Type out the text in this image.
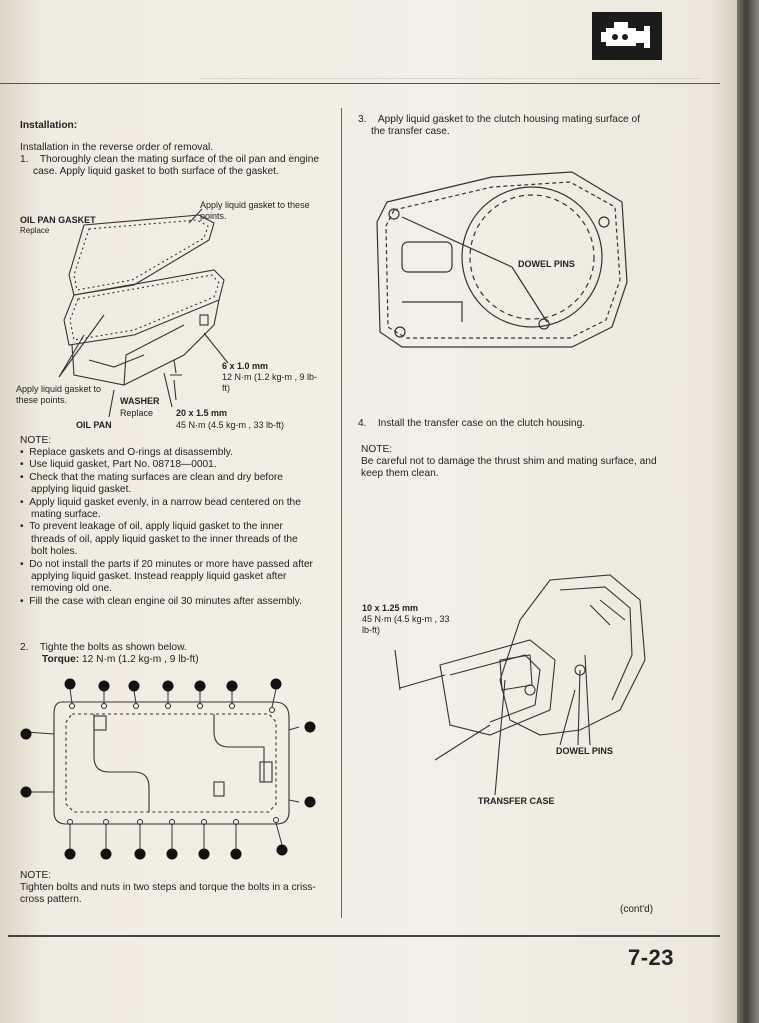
Installation:
Installation in the reverse order of removal.
1. Thoroughly clean the mating surface of the oil pan and engine case. Apply liquid gasket to both surface of the gasket.
Apply liquid gasket to these points.
OIL PAN GASKET
Replace
6 x 1.0 mm
12 N·m (1.2 kg-m , 9 lb-ft)
Apply liquid gasket to these points.	WASHER
Replace	20 x 1.5 mm
45 N·m (4.5 kg-m , 33 lb-ft)
OIL PAN
NOTE:
•  Replace gaskets and O-rings at disassembly.
•  Use liquid gasket, Part No. 08718—0001.
•  Check that the mating surfaces are clean and dry before applying liquid gasket.
•  Apply liquid gasket evenly, in a narrow bead centered on the mating surface.
•  To prevent leakage of oil, apply liquid gasket to the inner threads of oil, apply liquid gasket to the inner threads of the bolt holes.
•  Do not install the parts if 20 minutes or more have passed after applying liquid gasket. Instead reapply liquid gasket after removing old one.
•  Fill the case with clean engine oil 30 minutes after assembly.
2. Tighte the bolts as shown below.
Torque: 12 N·m (1.2 kg-m , 9 lb-ft)
NOTE:
Tighten bolts and nuts in two steps and torque the bolts in a criss-cross pattern.
3. Apply liquid gasket to the clutch housing mating surface of the transfer case.
DOWEL PINS
4. Install the transfer case on the clutch housing.
NOTE:
Be careful not to damage the thrust shim and mating surface, and keep them clean.
10 x 1.25 mm
45 N·m (4.5 kg-m , 33 lb-ft)
DOWEL PINS
TRANSFER CASE
(cont'd)
7-23
